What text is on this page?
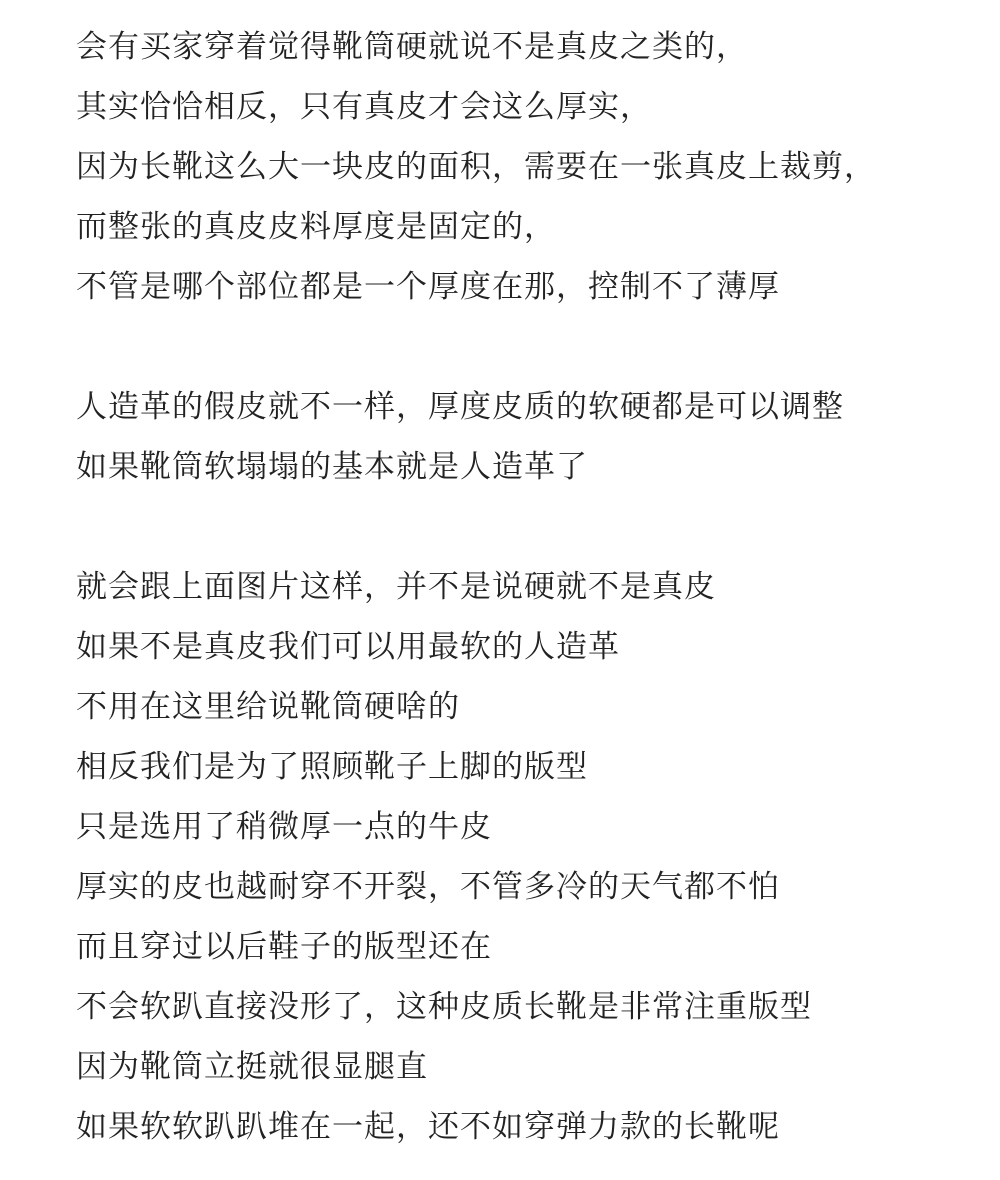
会有买家穿着觉得靴筒硬就说不是真皮之类的，
其实恰恰相反，只有真皮才会这么厚实，
因为长靴这么大一块皮的面积，需要在一张真皮上裁剪，
而整张的真皮皮料厚度是固定的，
不管是哪个部位都是一个厚度在那，控制不了薄厚
人造革的假皮就不一样，厚度皮质的软硬都是可以调整
如果靴筒软塌塌的基本就是人造革了
就会跟上面图片这样，并不是说硬就不是真皮
如果不是真皮我们可以用最软的人造革
不用在这里给说靴筒硬啥的
相反我们是为了照顾靴子上脚的版型
只是选用了稍微厚一点的牛皮
厚实的皮也越耐穿不开裂，不管多冷的天气都不怕
而且穿过以后鞋子的版型还在
不会软趴直接没形了，这种皮质长靴是非常注重版型
因为靴筒立挺就很显腿直
如果软软趴趴堆在一起，还不如穿弹力款的长靴呢
